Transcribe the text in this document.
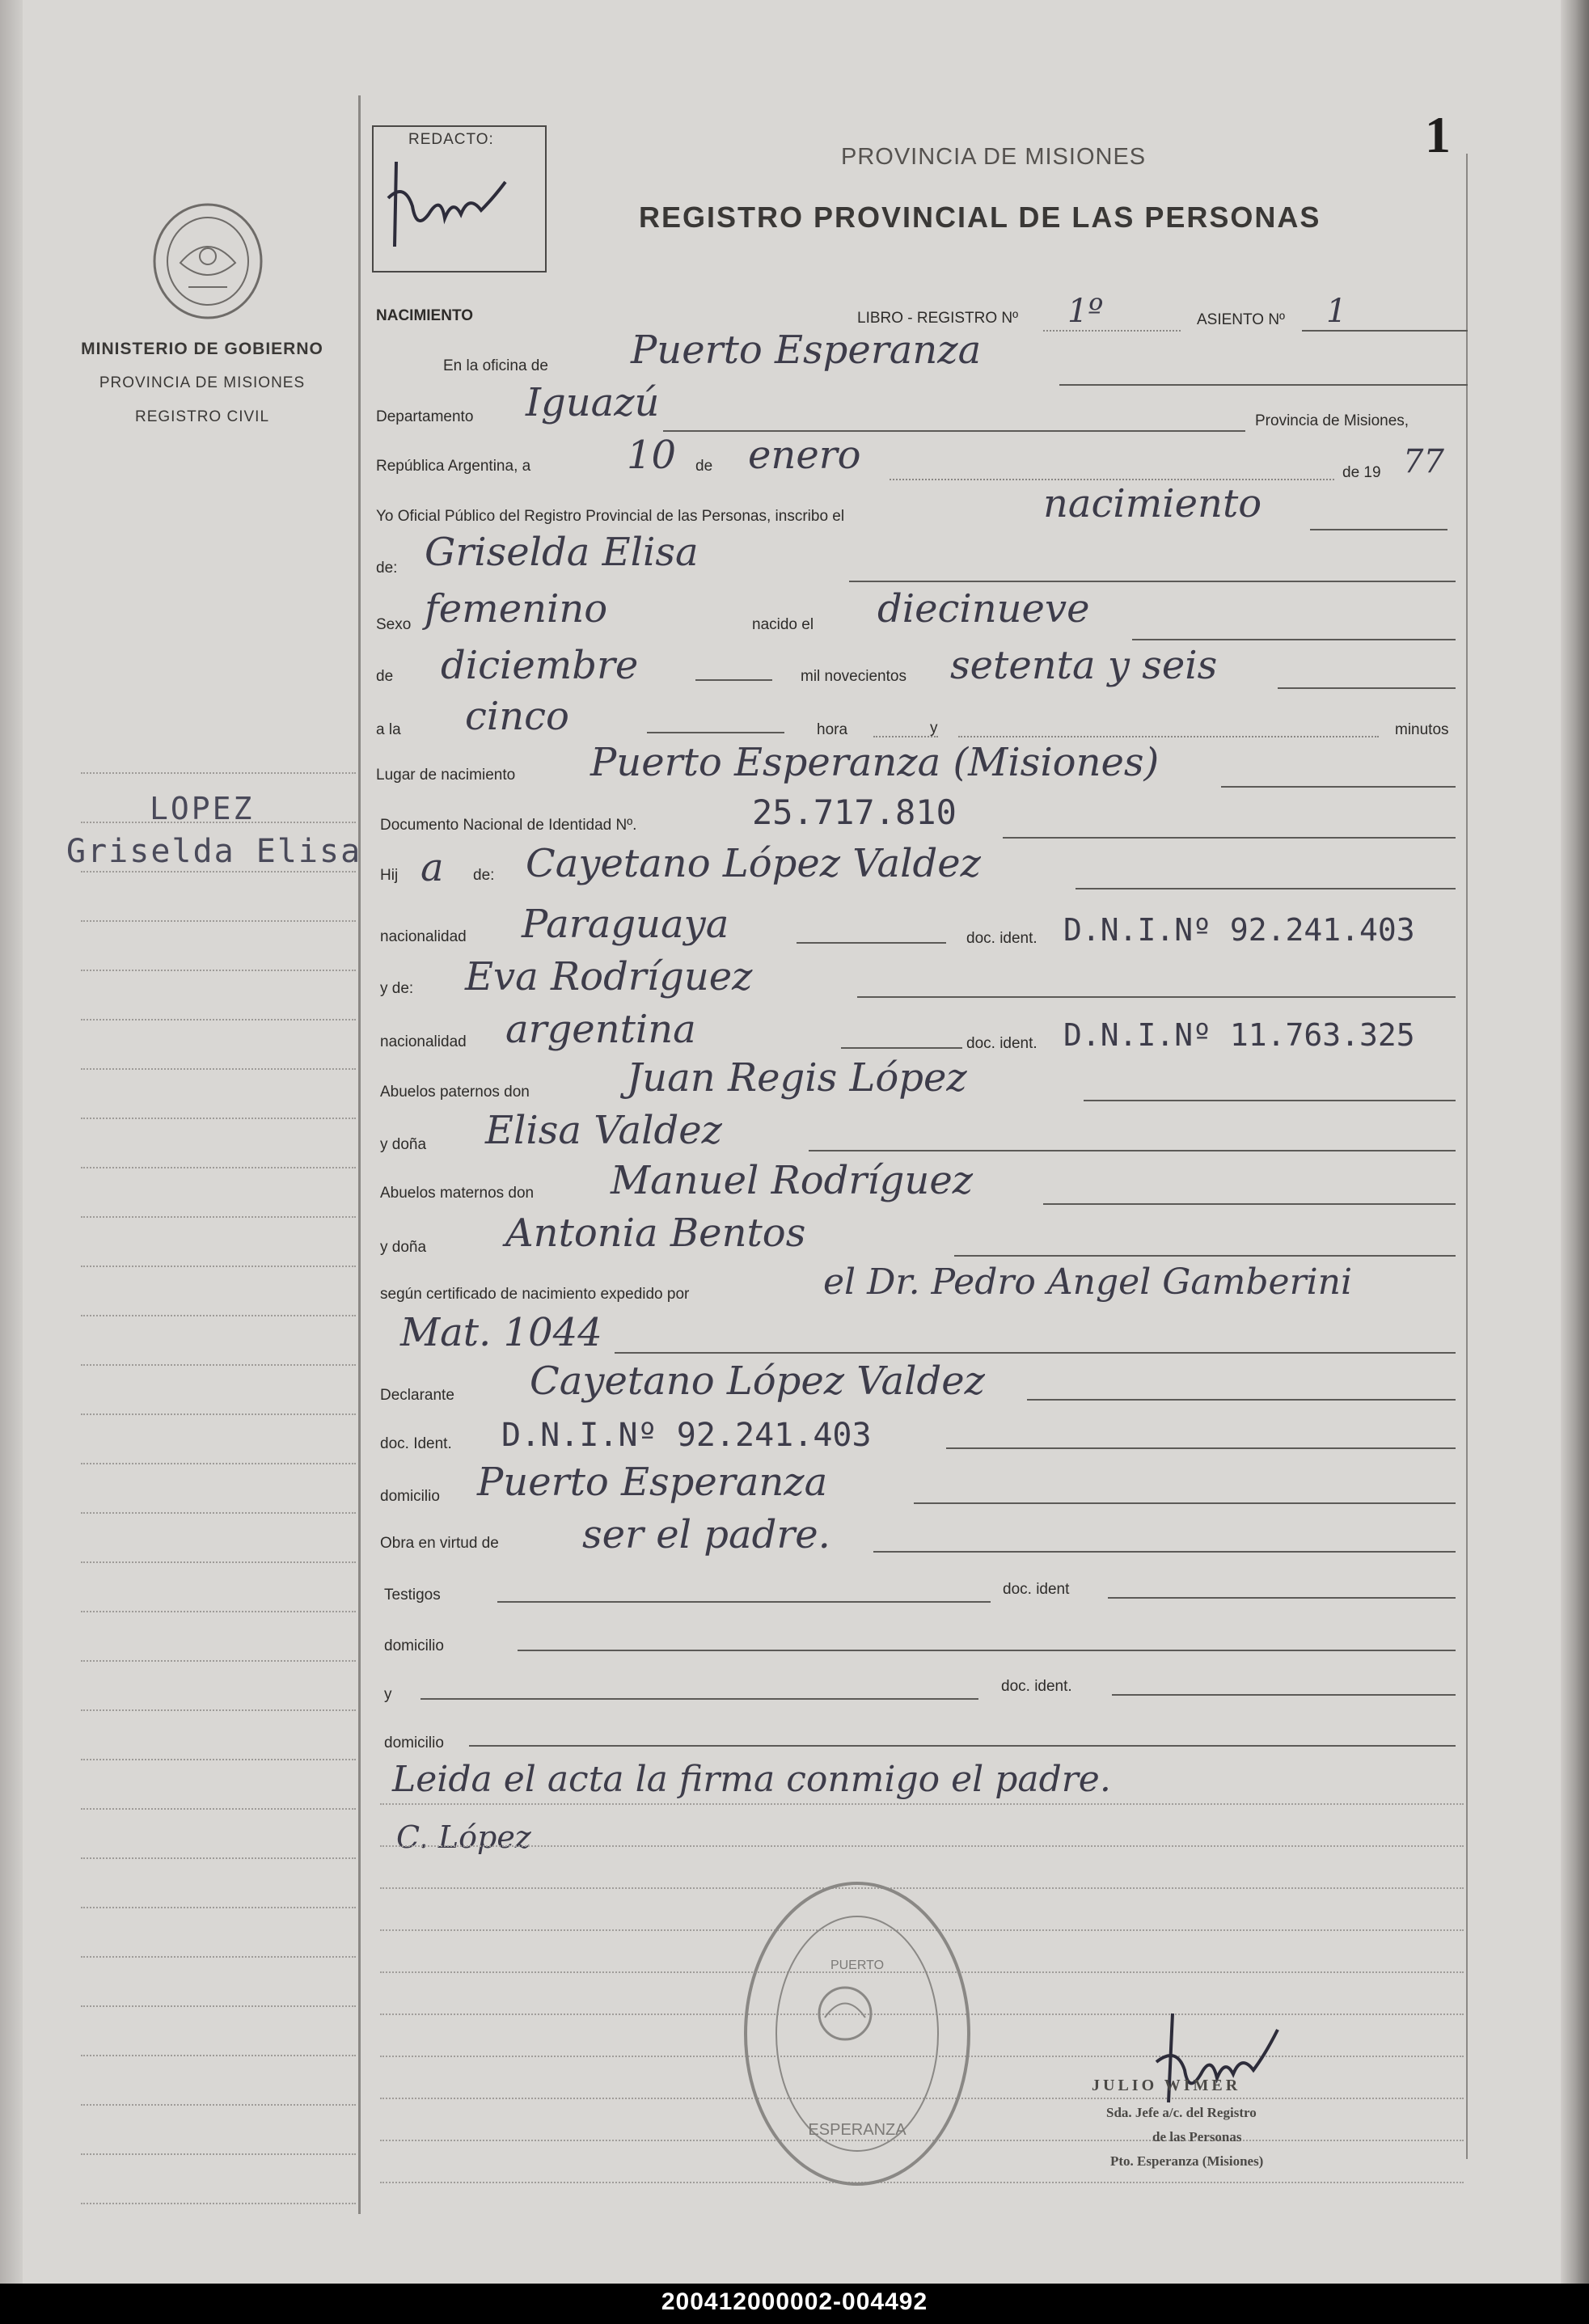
MINISTERIO DE GOBIERNO
PROVINCIA DE MISIONES
REGISTRO CIVIL
LOPEZ
Griselda Elisa
REDACTO:	1
PROVINCIA DE MISIONES
REGISTRO PROVINCIAL DE LAS PERSONAS
NACIMIENTO	LIBRO - REGISTRO Nº 1º	ASIENTO Nº 1
En la oficina de Puerto Esperanza
Departamento Iguazú	Provincia de Misiones,
República Argentina, a 10 de enero	de 19 77
Yo Oficial Público del Registro Provincial de las Personas, inscribo el	nacimiento
de: Griselda Elisa
Sexo femenino	nacido el diecinueve
de diciembre	mil novecientos setenta y seis
a la cinco	hora	y	minutos
Lugar de nacimiento Puerto Esperanza (Misiones)
Documento Nacional de Identidad Nº.	25.717.810
Hij a de: Cayetano López Valdez
nacionalidad Paraguaya	doc. ident. D.N.I.Nº 92.241.403
y de: Eva Rodríguez
nacionalidad argentina	doc. ident. D.N.I.Nº 11.763.325
Abuelos paternos don	Juan Regis López
y doña Elisa Valdez
Abuelos maternos don Manuel Rodríguez
y doña Antonia Bentos
según certificado de nacimiento expedido por	el Dr. Pedro Angel Gamberini
Mat. 1044
Declarante Cayetano López Valdez
doc. Ident. D.N.I.Nº 92.241.403
domicilio Puerto Esperanza
Obra en virtud de ser el padre.
Testigos	doc. ident
domicilio
y	doc. ident.
domicilio
Leida el acta la firma conmigo el padre.
C. López
ESPERANZA
PUERTO
JULIO WIMER
Sda. Jefe a/c. del Registro
de las Personas
Pto. Esperanza (Misiones)
200412000002-004492
